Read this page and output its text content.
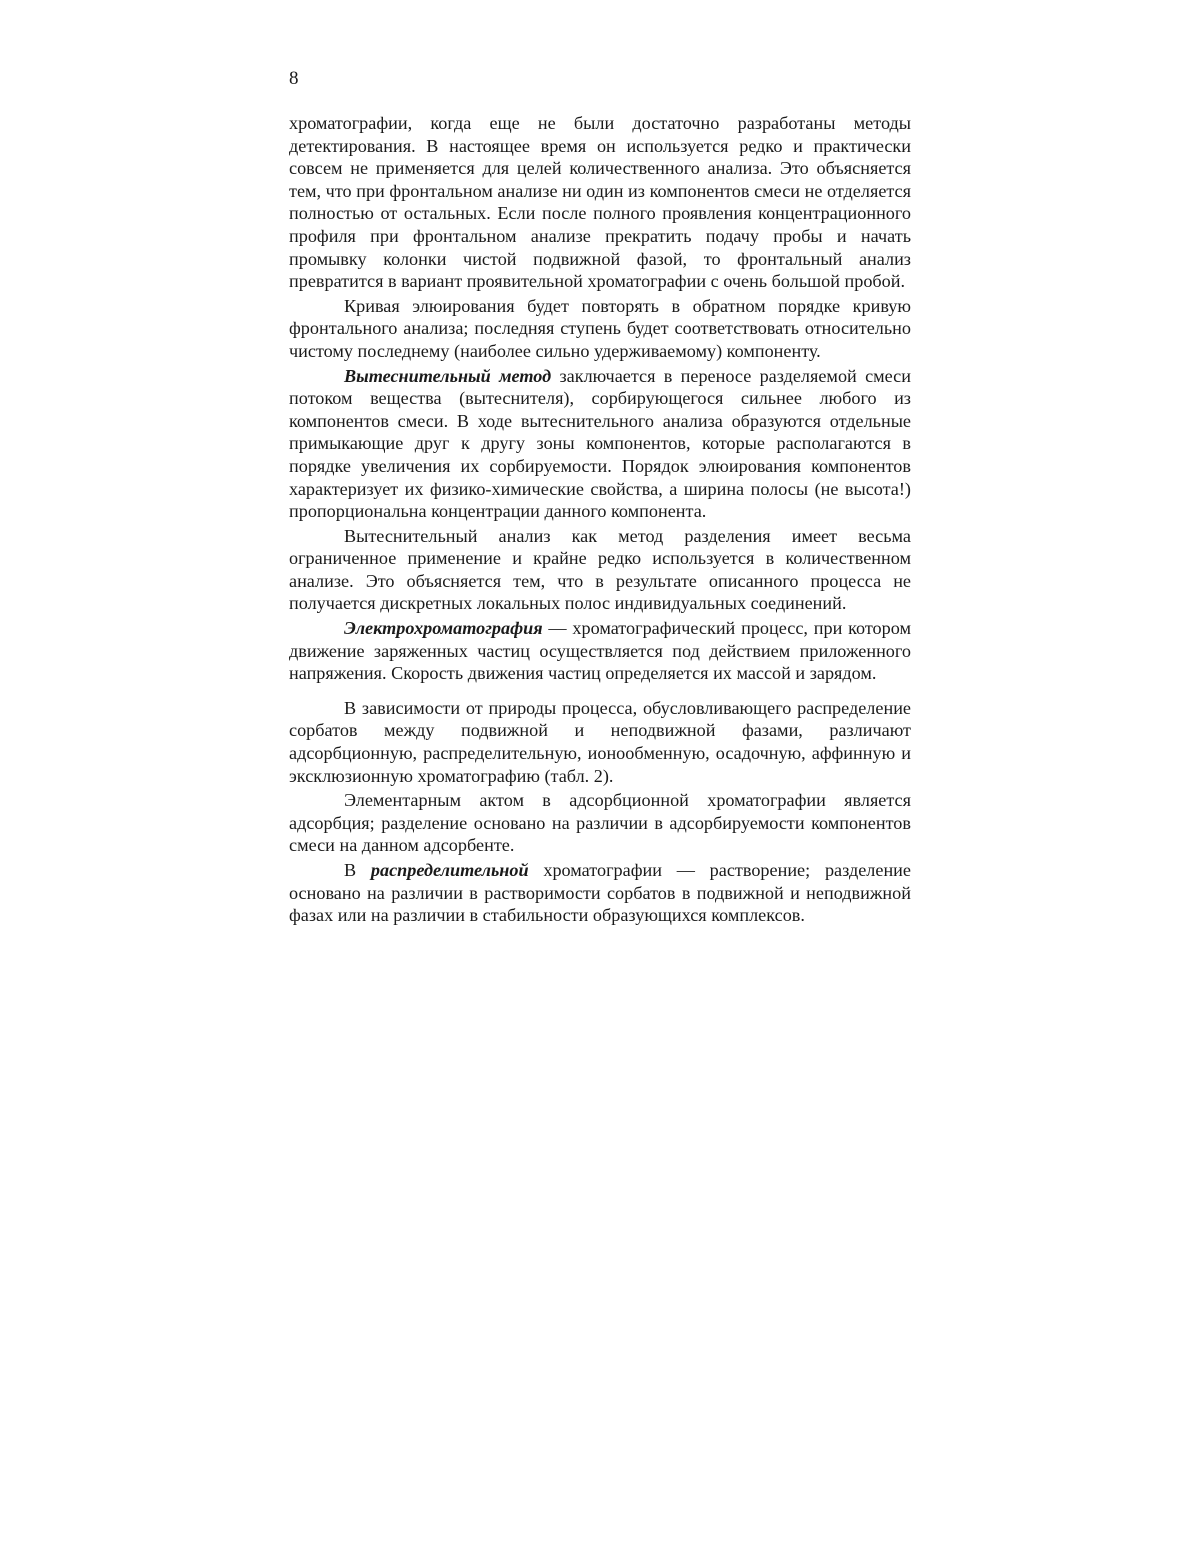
8

хроматографии, когда еще не были достаточно разработаны методы детектирования. В настоящее время он используется редко и практически совсем не применяется для целей количественного анализа. Это объясняется тем, что при фронтальном анализе ни один из компонентов смеси не отделяется полностью от остальных. Если после полного проявления концентрационного профиля при фронтальном анализе прекратить подачу пробы и начать промывку колонки чистой подвижной фазой, то фронтальный анализ превратится в вариант проявительной хроматографии с очень большой пробой.

Кривая элюирования будет повторять в обратном порядке кривую фронтального анализа; последняя ступень будет соответствовать относительно чистому последнему (наиболее сильно удерживаемому) компоненту.

Вытеснительный метод заключается в переносе разделяемой смеси потоком вещества (вытеснителя), сорбирующегося сильнее любого из компонентов смеси. В ходе вытеснительного анализа образуются отдельные примыкающие друг к другу зоны компонентов, которые располагаются в порядке увеличения их сорбируемости. Порядок элюирования компонентов характеризует их физико-химические свойства, а ширина полосы (не высота!) пропорциональна концентрации данного компонента.

Вытеснительный анализ как метод разделения имеет весьма ограниченное применение и крайне редко используется в количественном анализе. Это объясняется тем, что в результате описанного процесса не получается дискретных локальных полос индивидуальных соединений.

Электрохроматография — хроматографический процесс, при котором движение заряженных частиц осуществляется под действием приложенного напряжения. Скорость движения частиц определяется их массой и зарядом.

В зависимости от природы процесса, обусловливающего распределение сорбатов между подвижной и неподвижной фазами, различают адсорбционную, распределительную, ионообменную, осадочную, аффинную и эксклюзионную хроматографию (табл. 2).

Элементарным актом в адсорбционной хроматографии является адсорбция; разделение основано на различии в адсорбируемости компонентов смеси на данном адсорбенте.

В распределительной хроматографии — растворение; разделение основано на различии в растворимости сорбатов в подвижной и неподвижной фазах или на различии в стабильности образующихся комплексов.
